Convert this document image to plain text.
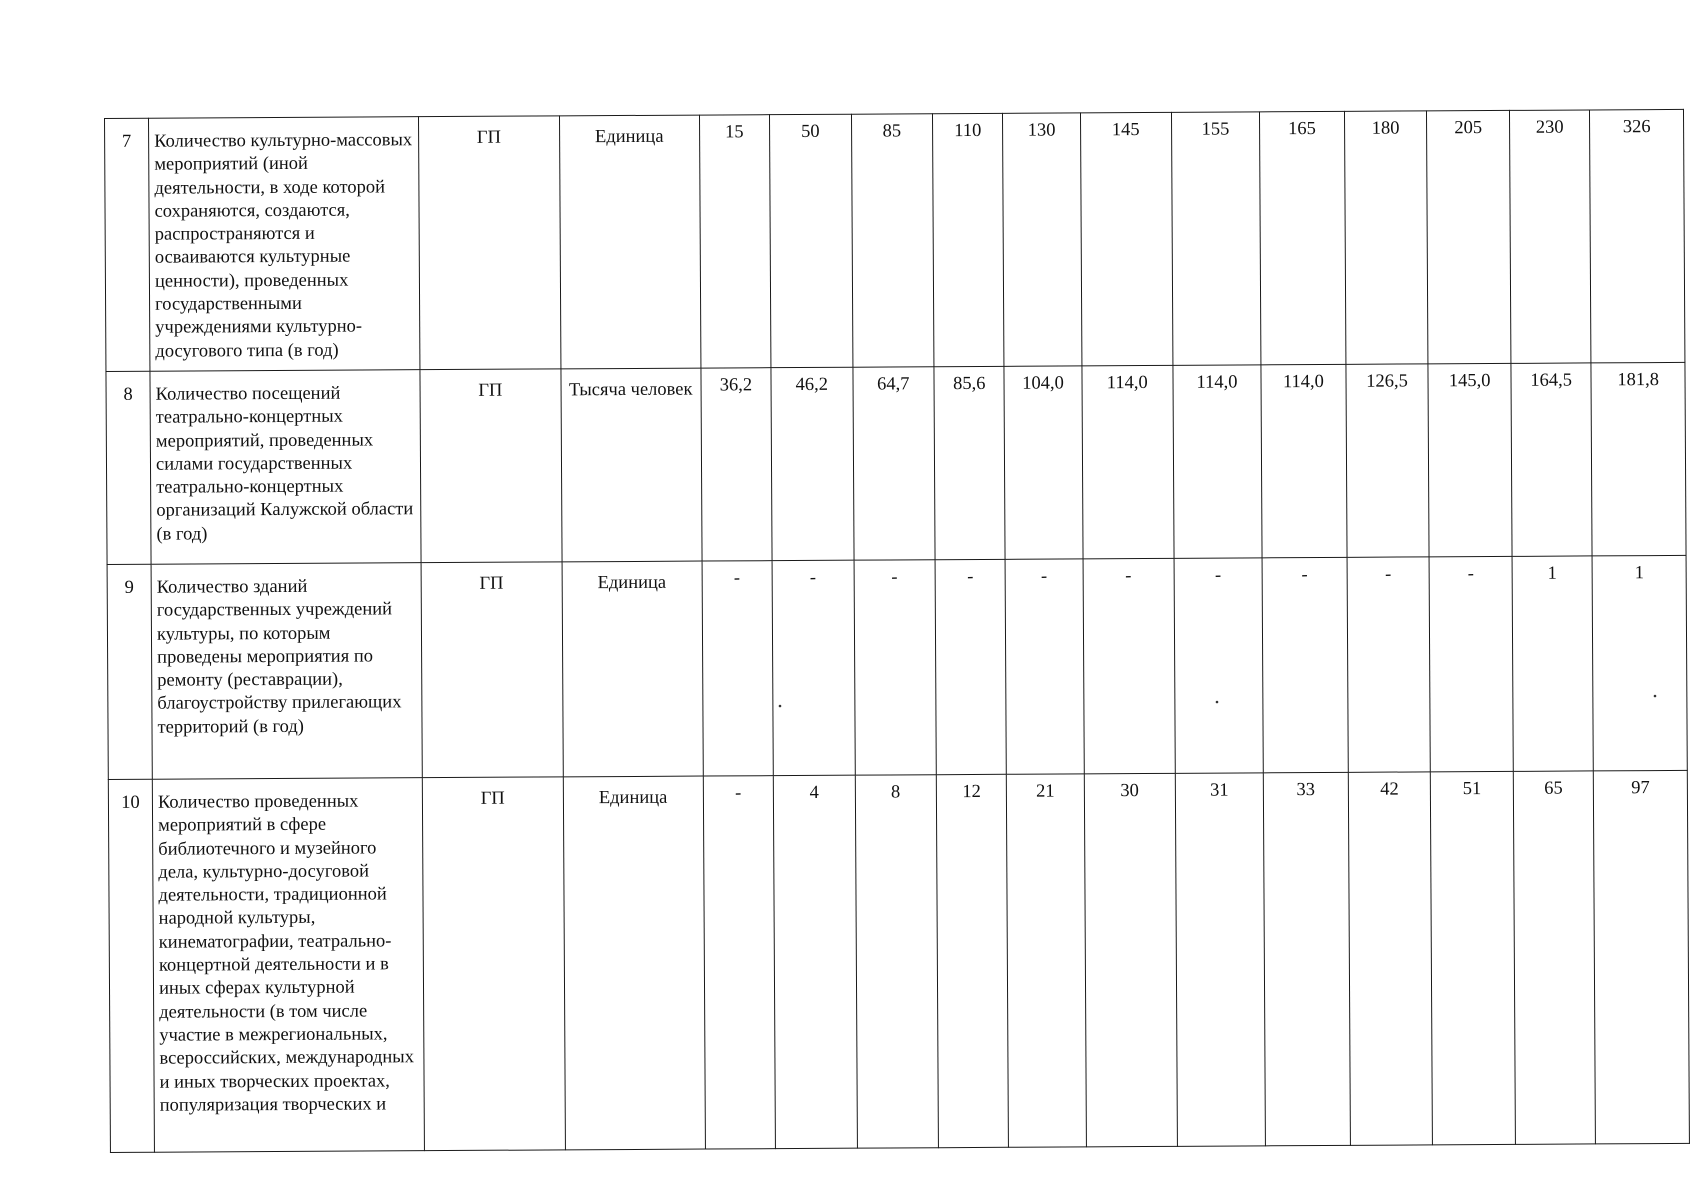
7	Количество культурно-массовых мероприятий (иной деятельности, в ходе которой сохраняются, создаются, распространяются и осваиваются культурные ценности), проведенных государственными учреждениями культурно-досугового типа (в год)	ГП	Единица	15	50	85	110	130	145	155	165	180	205	230	326
8	Количество посещений театрально-концертных мероприятий, проведенных силами государственных театрально-концертных организаций Калужской области (в год)	ГП	Тысяча человек	36,2	46,2	64,7	85,6	104,0	114,0	114,0	114,0	126,5	145,0	164,5	181,8
9	Количество зданий государственных учреждений культуры, по которым проведены мероприятия по ремонту (реставрации), благоустройству прилегающих территорий (в год)	ГП	Единица	-	-	-	-	-	-	-	-	-	-	1	1
10	Количество проведенных мероприятий в сфере библиотечного и музейного дела, культурно-досуговой деятельности, традиционной народной культуры, кинематографии, театрально-концертной деятельности и в иных сферах культурной деятельности (в том числе участие в межрегиональных, всероссийских, международных и иных творческих проектах, популяризация творческих и	ГП	Единица	-	4	8	12	21	30	31	33	42	51	65	97
